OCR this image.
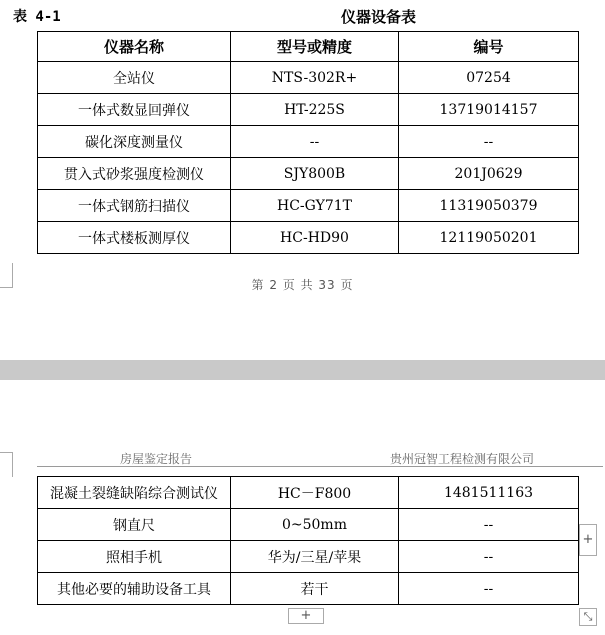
表 4-1	仪器设备表
仪器名称	型号或精度	编号
全站仪	NTS-302R+	07254
一体式数显回弹仪	HT-225S	13719014157
碳化深度测量仪	--	--
贯入式砂浆强度检测仪	SJY800B	201J0629
一体式钢筋扫描仪	HC-GY71T	11319050379
一体式楼板测厚仪	HC-HD90	12119050201
第 2 页 共 33 页
房屋鉴定报告	贵州冠智工程检测有限公司
混凝土裂缝缺陷综合测试仪	HC－F800	1481511163
钢直尺	0~50mm	--
照相手机	华为/三星/苹果	--
其他必要的辅助设备工具	若干	--
+
+	⤡
